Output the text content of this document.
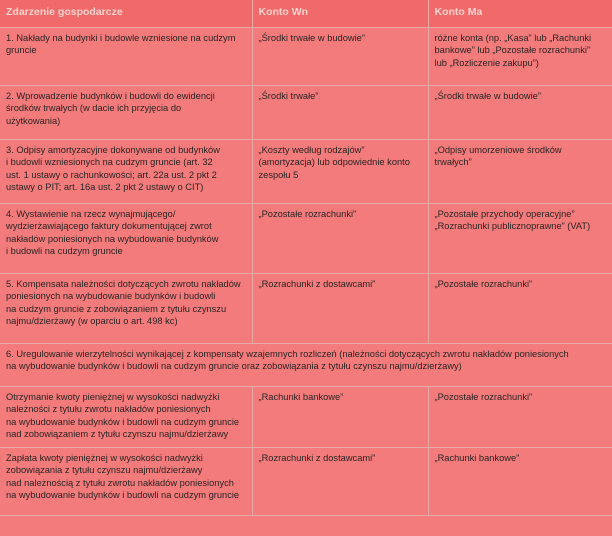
Zdarzenie gospodarcze	Konto Wn	Konto Ma

1. Nakłady na budynki i budowle wzniesione na cudzym
gruncie	„Środki trwałe w budowie”	różne konta (np. „Kasa” lub „Rachunki
bankowe” lub „Pozostałe rozrachunki”
lub „Rozliczenie zakupu”)

2. Wprowadzenie budynków i budowli do ewidencji
środków trwałych (w dacie ich przyjęcia do
użytkowania)	„Środki trwałe”	„Środki trwałe w budowie”

3. Odpisy amortyzacyjne dokonywane od budynków
i budowli wzniesionych na cudzym gruncie (art. 32
ust. 1 ustawy o rachunkowości; art. 22a ust. 2 pkt 2
ustawy o PIT; art. 16a ust. 2 pkt 2 ustawy o CIT)	„Koszty według rodzajów”
(amortyzacja) lub odpowiednie konto
zespołu 5	„Odpisy umorzeniowe środków
trwałych”

4. Wystawienie na rzecz wynajmującego/
wydzierżawiającego faktury dokumentującej zwrot
nakładów poniesionych na wybudowanie budynków
i budowli na cudzym gruncie	„Pozostałe rozrachunki”	„Pozostałe przychody operacyjne”
„Rozrachunki publicznoprawne” (VAT)

5. Kompensata należności dotyczących zwrotu nakładów
poniesionych na wybudowanie budynków i budowli
na cudzym gruncie z zobowiązaniem z tytułu czynszu
najmu/dzierżawy (w oparciu o art. 498 kc)	„Rozrachunki z dostawcami”	„Pozostałe rozrachunki”

6. Uregulowanie wierzytelności wynikającej z kompensaty wzajemnych rozliczeń (należności dotyczących zwrotu nakładów poniesionych
na wybudowanie budynków i budowli na cudzym gruncie oraz zobowiązania z tytułu czynszu najmu/dzierżawy)		

Otrzymanie kwoty pieniężnej w wysokości nadwyżki
należności z tytułu zwrotu nakładów poniesionych
na wybudowanie budynków i budowli na cudzym gruncie
nad zobowiązaniem z tytułu czynszu najmu/dzierżawy	„Rachunki bankowe”	„Pozostałe rozrachunki”

Zapłata kwoty pieniężnej w wysokości nadwyżki
zobowiązania z tytułu czynszu najmu/dzierżawy
nad należnością z tytułu zwrotu nakładów poniesionych
na wybudowanie budynków i budowli na cudzym gruncie	„Rozrachunki z dostawcami”	„Rachunki bankowe”
